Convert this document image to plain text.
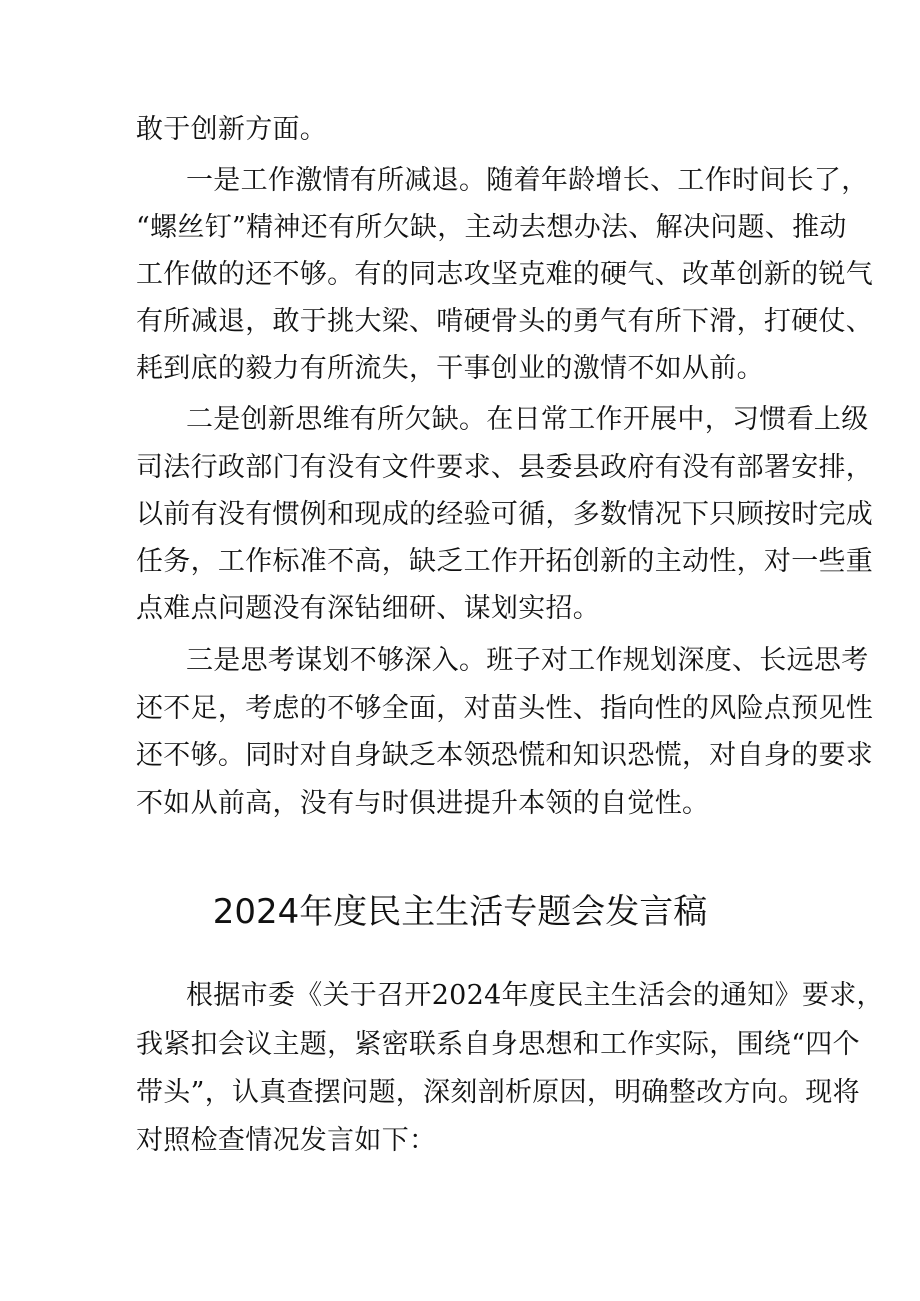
敢于创新方面。
一是工作激情有所减退。随着年龄增长、工作时间长了，
“螺丝钉”精神还有所欠缺，主动去想办法、解决问题、推动
工作做的还不够。有的同志攻坚克难的硬气、改革创新的锐气
有所减退，敢于挑大梁、啃硬骨头的勇气有所下滑，打硬仗、
耗到底的毅力有所流失，干事创业的激情不如从前。
二是创新思维有所欠缺。在日常工作开展中，习惯看上级
司法行政部门有没有文件要求、县委县政府有没有部署安排，
以前有没有惯例和现成的经验可循，多数情况下只顾按时完成
任务，工作标准不高，缺乏工作开拓创新的主动性，对一些重
点难点问题没有深钻细研、谋划实招。
三是思考谋划不够深入。班子对工作规划深度、长远思考
还不足，考虑的不够全面，对苗头性、指向性的风险点预见性
还不够。同时对自身缺乏本领恐慌和知识恐慌，对自身的要求
不如从前高，没有与时俱进提升本领的自觉性。
2024年度民主生活专题会发言稿
根据市委《关于召开2024年度民主生活会的通知》要求，
我紧扣会议主题，紧密联系自身思想和工作实际，围绕“四个
带头”，认真查摆问题，深刻剖析原因，明确整改方向。现将
对照检查情况发言如下：
